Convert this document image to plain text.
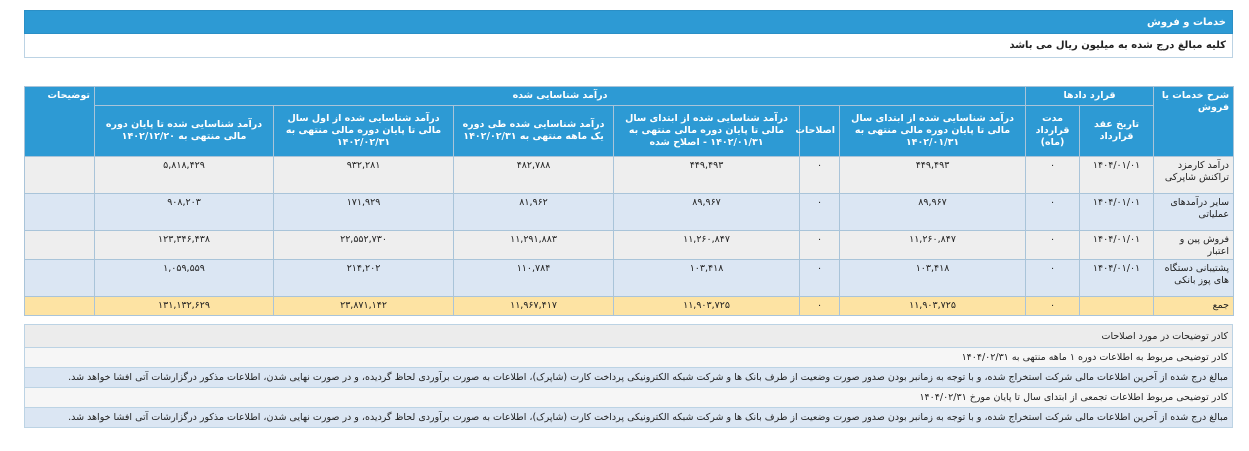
خدمات و فروش
کلیه مبالغ درج شده به میلیون ریال می باشد
شرح خدمات یا فروش	قرارد دادها		درآمد شناسایی شده						توضیحات
	تاریخ عقد قرارداد	مدت قرارداد (ماه)	درآمد شناسایی شده از ابتدای سال مالی تا پایان دوره مالی منتهی به ۱۴۰۲/۰۱/۳۱	اصلاحات	درآمد شناسایی شده از ابتدای سال مالی تا پایان دوره مالی منتهی به ۱۴۰۲/۰۱/۳۱ - اصلاح شده	درآمد شناسایی شده طی دوره یک ماهه منتهی به ۱۴۰۲/۰۲/۳۱	درآمد شناسایی شده از اول سال مالی تا پایان دوره مالی منتهی به ۱۴۰۲/۰۲/۳۱	درآمد شناسایی شده تا پایان دوره مالی منتهی به ۱۴۰۲/۱۲/۲۰	
درآمد کارمزد تراکنش شاپرکی	۱۴۰۴/۰۱/۰۱	۰	۴۴۹,۴۹۳	۰	۴۴۹,۴۹۳	۴۸۲,۷۸۸	۹۳۲,۲۸۱	۵,۸۱۸,۴۲۹	
سایر درآمدهای عملیاتی	۱۴۰۴/۰۱/۰۱	۰	۸۹,۹۶۷	۰	۸۹,۹۶۷	۸۱,۹۶۲	۱۷۱,۹۲۹	۹۰۸,۲۰۳	
فروش پین و اعتبار	۱۴۰۴/۰۱/۰۱	۰	۱۱,۲۶۰,۸۴۷	۰	۱۱,۲۶۰,۸۴۷	۱۱,۲۹۱,۸۸۳	۲۲,۵۵۲,۷۳۰	۱۲۳,۳۴۶,۴۳۸	
پشتیبانی دستگاه های پوز بانکی	۱۴۰۴/۰۱/۰۱	۰	۱۰۳,۴۱۸	۰	۱۰۳,۴۱۸	۱۱۰,۷۸۴	۲۱۴,۲۰۲	۱,۰۵۹,۵۵۹	
جمع		۰	۱۱,۹۰۳,۷۲۵	۰	۱۱,۹۰۳,۷۲۵	۱۱,۹۶۷,۴۱۷	۲۳,۸۷۱,۱۴۲	۱۳۱,۱۳۲,۶۲۹	
کادر توضیحات در مورد اصلاحات
کادر توضیحی مربوط به اطلاعات دوره ۱ ماهه منتهی به ۱۴۰۴/۰۲/۳۱
مبالغ درج شده از آخرین اطلاعات مالی شرکت استخراج شده، و با توجه به زمانبر بودن صدور صورت وضعیت از طرف بانک ها و شرکت شبکه الکترونیکی پرداخت کارت (شاپرک)، اطلاعات به صورت برآوردی لحاظ گردیده، و در صورت نهایی شدن، اطلاعات مذکور درگزارشات آتی افشا خواهد شد.
کادر توضیحی مربوط اطلاعات تجمعی از ابتدای سال تا پایان مورخ ۱۴۰۴/۰۲/۳۱
مبالغ درج شده از آخرین اطلاعات مالی شرکت استخراج شده، و با توجه به زمانبر بودن صدور صورت وضعیت از طرف بانک ها و شرکت شبکه الکترونیکی پرداخت کارت (شاپرک)، اطلاعات به صورت برآوردی لحاظ گردیده، و در صورت نهایی شدن، اطلاعات مذکور درگزارشات آتی افشا خواهد شد.
